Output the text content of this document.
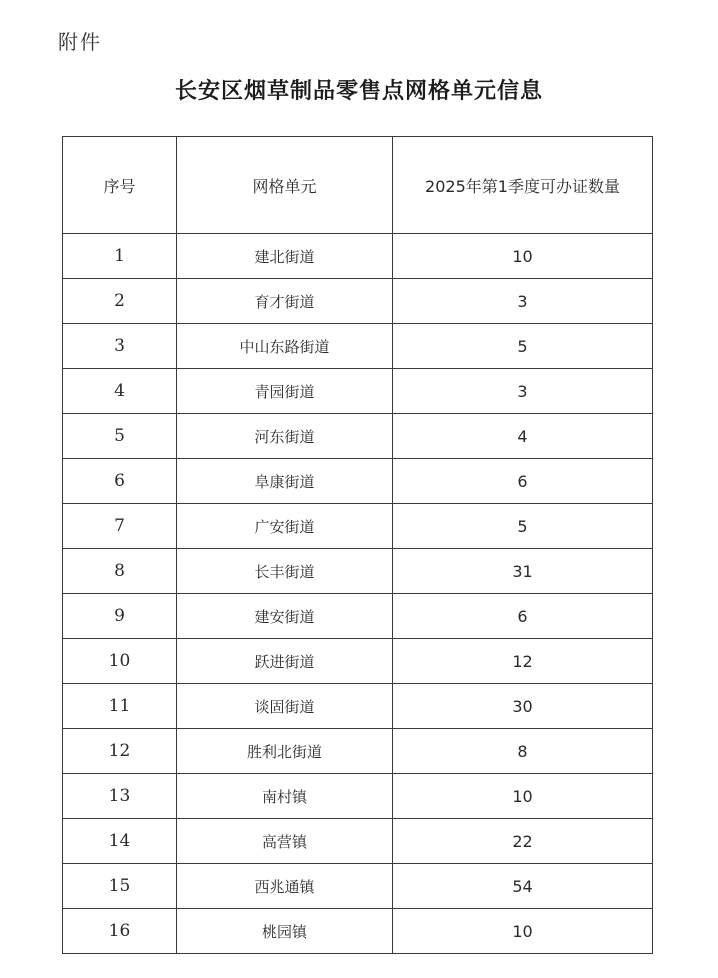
附件
长安区烟草制品零售点网格单元信息
序号	网格单元	2025年第1季度可办证数量
1	建北街道	10
2	育才街道	3
3	中山东路街道	5
4	青园街道	3
5	河东街道	4
6	阜康街道	6
7	广安街道	5
8	长丰街道	31
9	建安街道	6
10	跃进街道	12
11	谈固街道	30
12	胜利北街道	8
13	南村镇	10
14	高营镇	22
15	西兆通镇	54
16	桃园镇	10
